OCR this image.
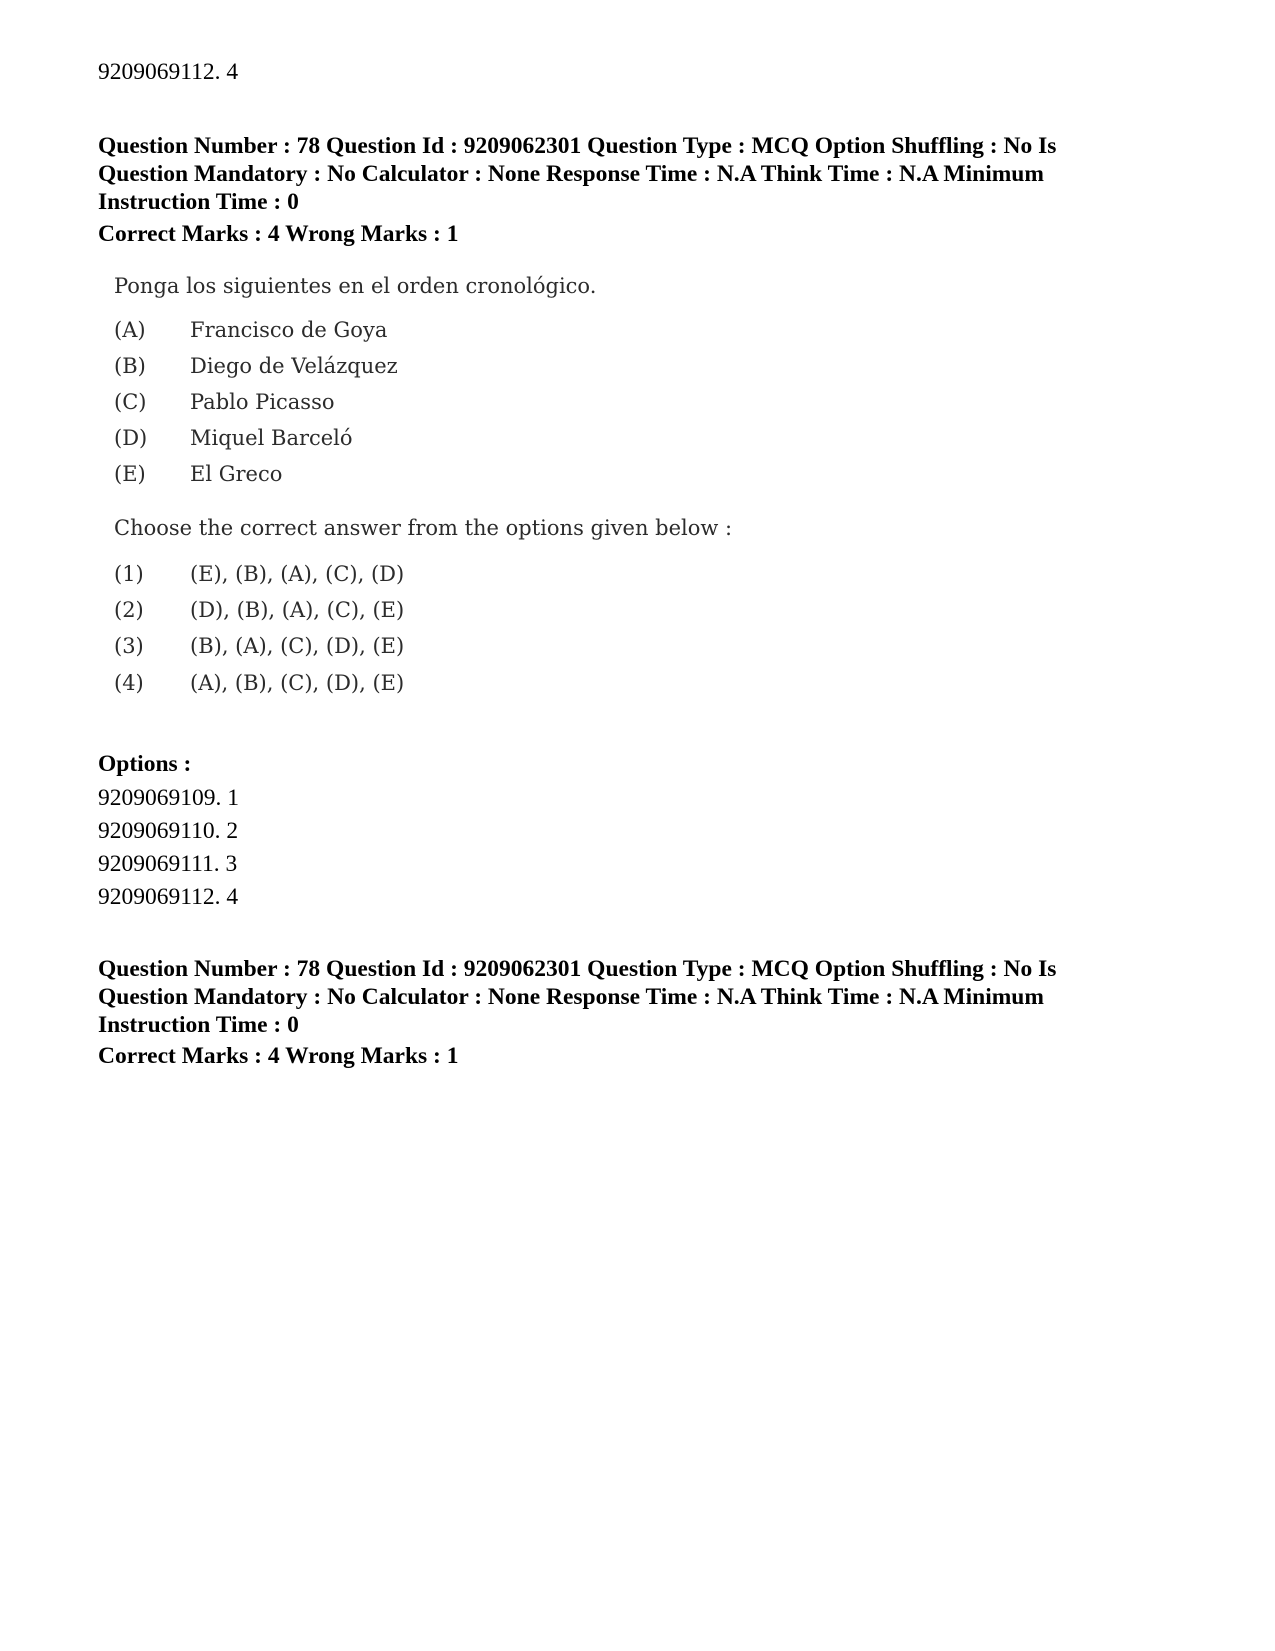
9209069112. 4
Question Number : 78 Question Id : 9209062301 Question Type : MCQ Option Shuffling : No Is
Question Mandatory : No Calculator : None Response Time : N.A Think Time : N.A Minimum
Instruction Time : 0
Correct Marks : 4 Wrong Marks : 1
Ponga los siguientes en el orden cronológico.
(A) Francisco de Goya
(B) Diego de Velázquez
(C) Pablo Picasso
(D) Miquel Barceló
(E) El Greco
Choose the correct answer from the options given below :
(1) (E), (B), (A), (C), (D)
(2) (D), (B), (A), (C), (E)
(3) (B), (A), (C), (D), (E)
(4) (A), (B), (C), (D), (E)
Options :
9209069109. 1
9209069110. 2
9209069111. 3
9209069112. 4
Question Number : 78 Question Id : 9209062301 Question Type : MCQ Option Shuffling : No Is
Question Mandatory : No Calculator : None Response Time : N.A Think Time : N.A Minimum
Instruction Time : 0
Correct Marks : 4 Wrong Marks : 1
